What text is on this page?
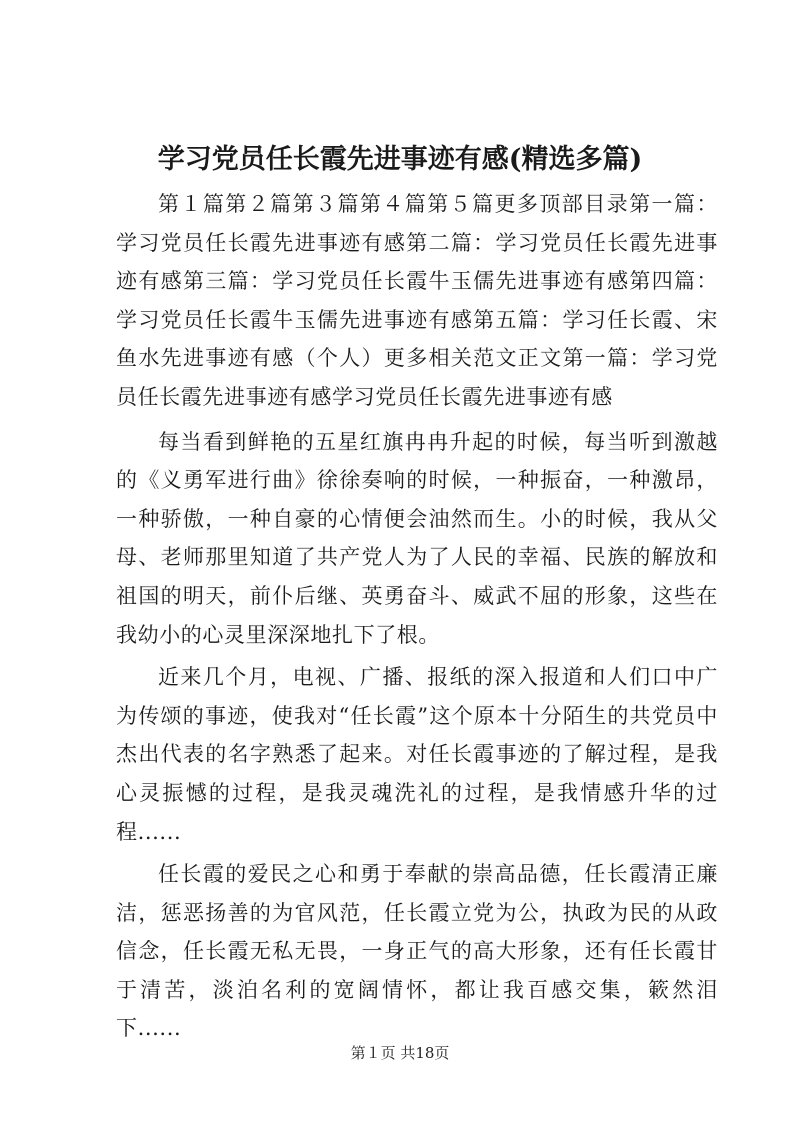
学习党员任长霞先进事迹有感(精选多篇)

第１篇第２篇第３篇第４篇第５篇更多顶部目录第一篇：学习党员任长霞先进事迹有感第二篇：学习党员任长霞先进事迹有感第三篇：学习党员任长霞牛玉儒先进事迹有感第四篇：学习党员任长霞牛玉儒先进事迹有感第五篇：学习任长霞、宋鱼水先进事迹有感（个人）更多相关范文正文第一篇：学习党员任长霞先进事迹有感学习党员任长霞先进事迹有感

每当看到鲜艳的五星红旗冉冉升起的时候，每当听到激越的《义勇军进行曲》徐徐奏响的时候，一种振奋，一种激昂，一种骄傲，一种自豪的心情便会油然而生。小的时候，我从父母、老师那里知道了共产党人为了人民的幸福、民族的解放和祖国的明天，前仆后继、英勇奋斗、威武不屈的形象，这些在我幼小的心灵里深深地扎下了根。

近来几个月，电视、广播、报纸的深入报道和人们口中广为传颂的事迹，使我对“任长霞”这个原本十分陌生的共党员中杰出代表的名字熟悉了起来。对任长霞事迹的了解过程，是我心灵振憾的过程，是我灵魂洗礼的过程，是我情感升华的过程......

任长霞的爱民之心和勇于奉献的崇高品德，任长霞清正廉洁，惩恶扬善的为官风范，任长霞立党为公，执政为民的从政信念，任长霞无私无畏，一身正气的高大形象，还有任长霞甘于清苦，淡泊名利的宽阔情怀，都让我百感交集，簌然泪下......

第１页 共18页
